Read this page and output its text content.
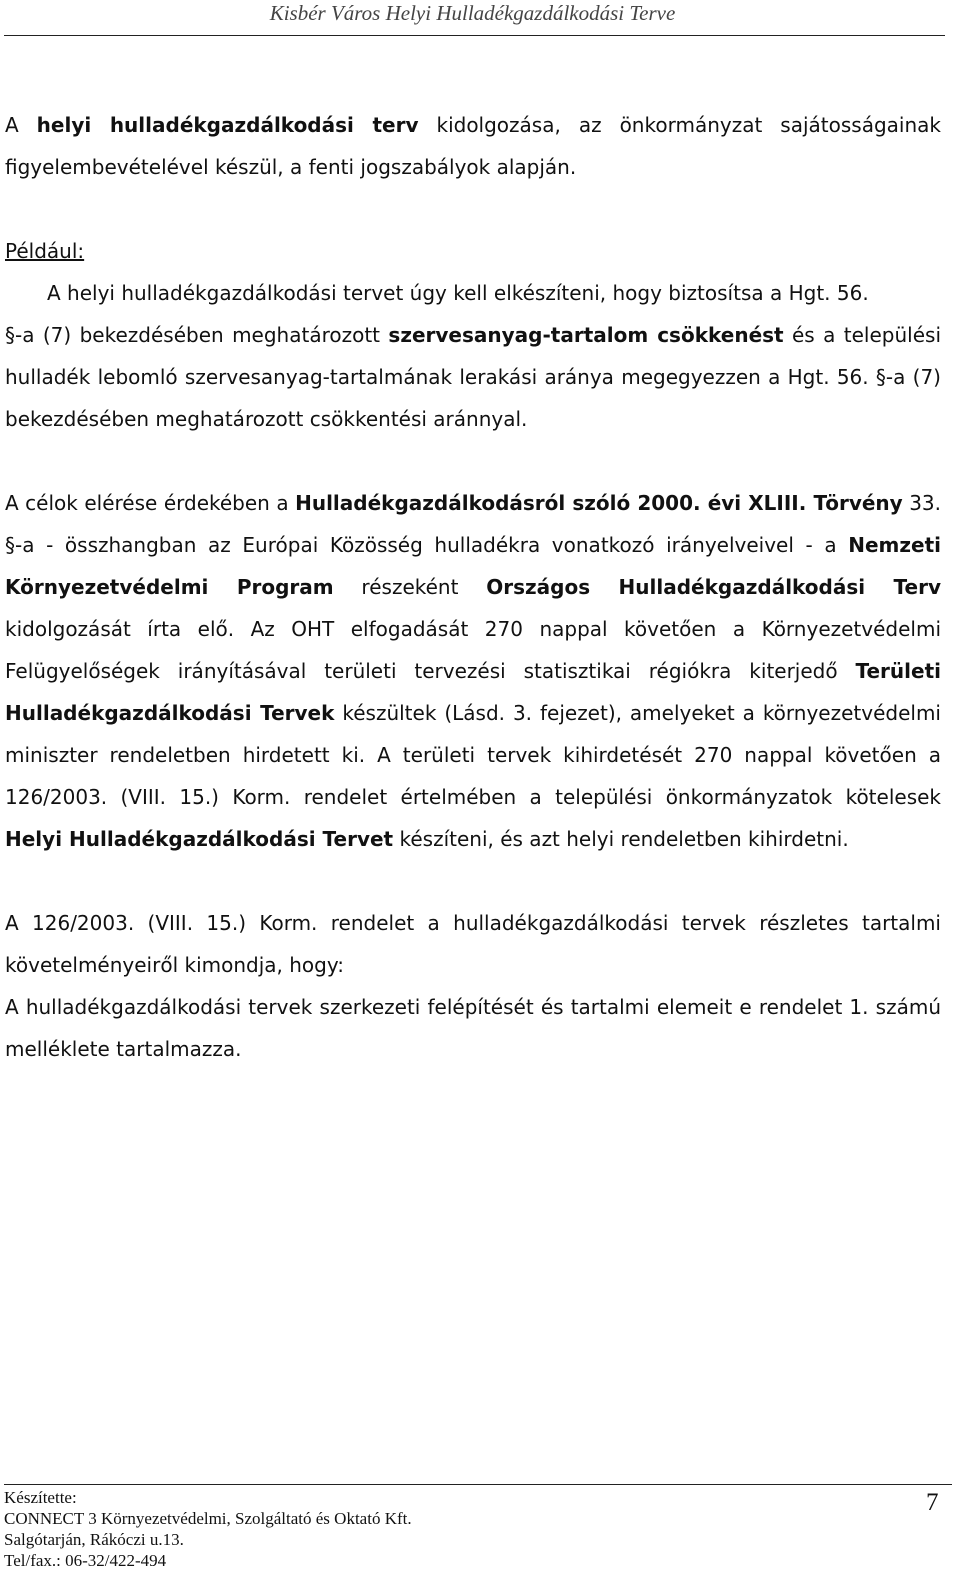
Kisbér Város Helyi Hulladékgazdálkodási Terve

A helyi hulladékgazdálkodási terv kidolgozása, az önkormányzat sajátosságainak figyelembevételével készül, a fenti jogszabályok alapján.

Például:

A helyi hulladékgazdálkodási tervet úgy kell elkészíteni, hogy biztosítsa a Hgt. 56.

§-a (7) bekezdésében meghatározott szervesanyag-tartalom csökkenést és a települési hulladék lebomló szervesanyag-tartalmának lerakási aránya megegyezzen a Hgt. 56. §-a (7) bekezdésében meghatározott csökkentési aránnyal.

A célok elérése érdekében a Hulladékgazdálkodásról szóló 2000. évi XLIII. Törvény 33. §-a - összhangban az Európai Közösség hulladékra vonatkozó irányelveivel - a Nemzeti Környezetvédelmi Program részeként Országos Hulladékgazdálkodási Terv kidolgozását írta elő. Az OHT elfogadását 270 nappal követően a Környezetvédelmi Felügyelőségek irányításával területi tervezési statisztikai régiókra kiterjedő Területi Hulladékgazdálkodási Tervek készültek (Lásd. 3. fejezet), amelyeket a környezetvédelmi miniszter rendeletben hirdetett ki. A területi tervek kihirdetését 270 nappal követően a 126/2003. (VIII. 15.) Korm. rendelet értelmében a települési önkormányzatok kötelesek Helyi Hulladékgazdálkodási Tervet készíteni, és azt helyi rendeletben kihirdetni.

A 126/2003. (VIII. 15.) Korm. rendelet a hulladékgazdálkodási tervek részletes tartalmi követelményeiről kimondja, hogy:

A hulladékgazdálkodási tervek szerkezeti felépítését és tartalmi elemeit e rendelet 1. számú melléklete tartalmazza.

Készítette:
CONNECT 3 Környezetvédelmi, Szolgáltató és Oktató Kft.
Salgótarján, Rákóczi u.13.
Tel/fax.: 06-32/422-494
7
